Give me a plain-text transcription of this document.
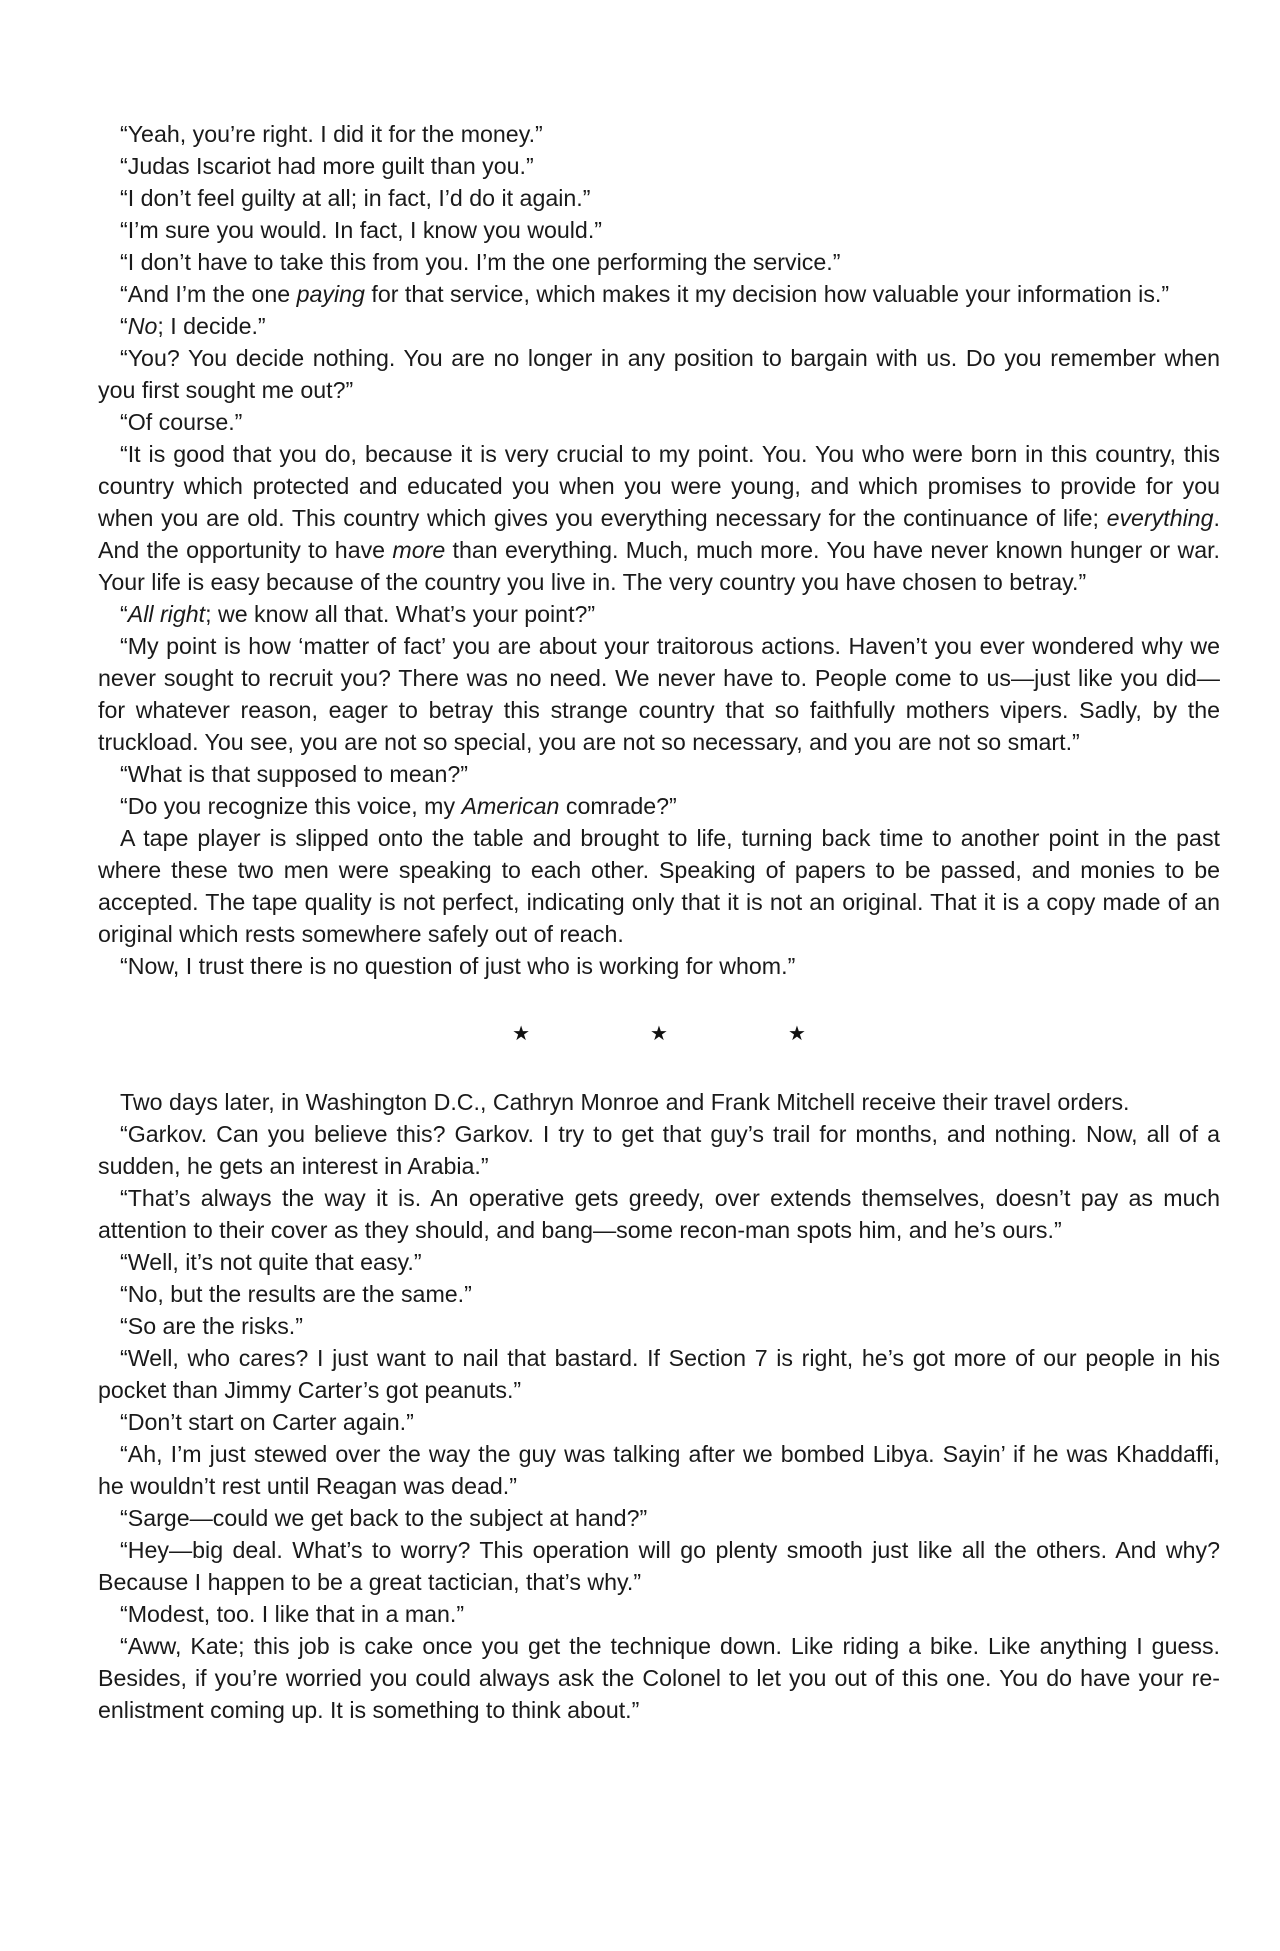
“Yeah, you’re right. I did it for the money.”

“Judas Iscariot had more guilt than you.”

“I don’t feel guilty at all; in fact, I’d do it again.”

“I’m sure you would. In fact, I know you would.”

“I don’t have to take this from you. I’m the one performing the service.”

“And I’m the one paying for that service, which makes it my decision how valuable your information is.”

“No; I decide.”

“You? You decide nothing. You are no longer in any position to bargain with us. Do you remember when you first sought me out?”

“Of course.”

“It is good that you do, because it is very crucial to my point. You. You who were born in this country, this country which protected and educated you when you were young, and which promises to provide for you when you are old. This country which gives you everything necessary for the continuance of life; everything. And the opportunity to have more than everything. Much, much more. You have never known hunger or war. Your life is easy because of the country you live in. The very country you have chosen to betray.”

“All right; we know all that. What’s your point?”

“My point is how ‘matter of fact’ you are about your traitorous actions. Haven’t you ever wondered why we never sought to recruit you? There was no need. We never have to. People come to us—just like you did—for whatever reason, eager to betray this strange country that so faithfully mothers vipers. Sadly, by the truckload. You see, you are not so special, you are not so necessary, and you are not so smart.”

“What is that supposed to mean?”

“Do you recognize this voice, my American comrade?”

A tape player is slipped onto the table and brought to life, turning back time to another point in the past where these two men were speaking to each other. Speaking of papers to be passed, and monies to be accepted. The tape quality is not perfect, indicating only that it is not an original. That it is a copy made of an original which rests somewhere safely out of reach.

“Now, I trust there is no question of just who is working for whom.”

★	★	★

Two days later, in Washington D.C., Cathryn Monroe and Frank Mitchell receive their travel orders.

“Garkov. Can you believe this? Garkov. I try to get that guy’s trail for months, and nothing. Now, all of a sudden, he gets an interest in Arabia.”

“That’s always the way it is. An operative gets greedy, over extends themselves, doesn’t pay as much attention to their cover as they should, and bang—some recon-man spots him, and he’s ours.”

“Well, it’s not quite that easy.”

“No, but the results are the same.”

“So are the risks.”

“Well, who cares? I just want to nail that bastard. If Section 7 is right, he’s got more of our people in his pocket than Jimmy Carter’s got peanuts.”

“Don’t start on Carter again.”

“Ah, I’m just stewed over the way the guy was talking after we bombed Libya. Sayin’ if he was Khaddaffi, he wouldn’t rest until Reagan was dead.”

“Sarge—could we get back to the subject at hand?”

“Hey—big deal. What’s to worry? This operation will go plenty smooth just like all the others. And why? Because I happen to be a great tactician, that’s why.”

“Modest, too. I like that in a man.”

“Aww, Kate; this job is cake once you get the technique down. Like riding a bike. Like anything I guess. Besides, if you’re worried you could always ask the Colonel to let you out of this one. You do have your re-enlistment coming up. It is something to think about.”
